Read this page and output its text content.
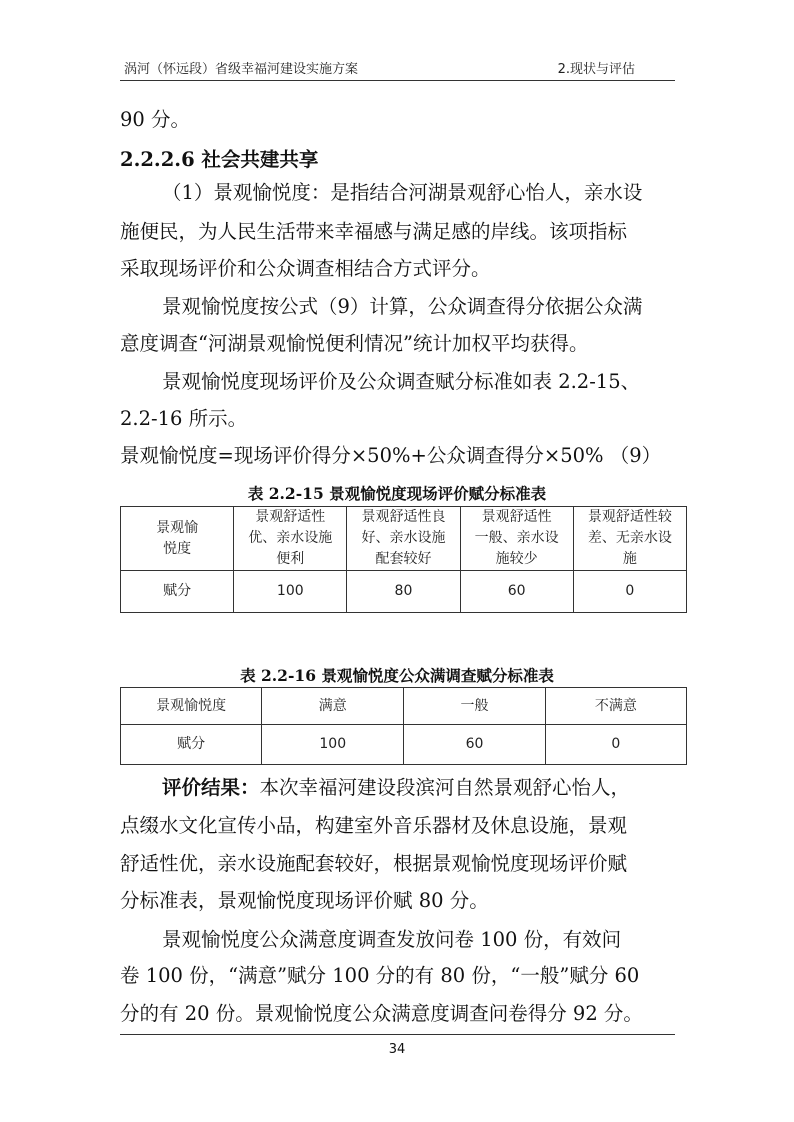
涡河（怀远段）省级幸福河建设实施方案	2.现状与评估
90 分。
2.2.2.6 社会共建共享
（1）景观愉悦度：是指结合河湖景观舒心怡人，亲水设
施便民，为人民生活带来幸福感与满足感的岸线。该项指标
采取现场评价和公众调查相结合方式评分。
景观愉悦度按公式（9）计算，公众调查得分依据公众满
意度调查“河湖景观愉悦便利情况”统计加权平均获得。
景观愉悦度现场评价及公众调查赋分标准如表 2.2-15、
2.2-16 所示。
景观愉悦度=现场评价得分×50%+公众调查得分×50% （9）
表 2.2-15 景观愉悦度现场评价赋分标准表
景观愉
悦度	景观舒适性
优、亲水设施
便利	景观舒适性良
好、亲水设施
配套较好	景观舒适性
一般、亲水设
施较少	景观舒适性较
差、无亲水设
施
赋分	100	80	60	0
表 2.2-16 景观愉悦度公众满调查赋分标准表
景观愉悦度	满意	一般	不满意
赋分	100	60	0
评价结果：本次幸福河建设段滨河自然景观舒心怡人，
点缀水文化宣传小品，构建室外音乐器材及休息设施，景观
舒适性优，亲水设施配套较好，根据景观愉悦度现场评价赋
分标准表，景观愉悦度现场评价赋 80 分。
景观愉悦度公众满意度调查发放问卷 100 份，有效问
卷 100 份，“满意”赋分 100 分的有 80 份，“一般”赋分 60
分的有 20 份。景观愉悦度公众满意度调查问卷得分 92 分。
34
